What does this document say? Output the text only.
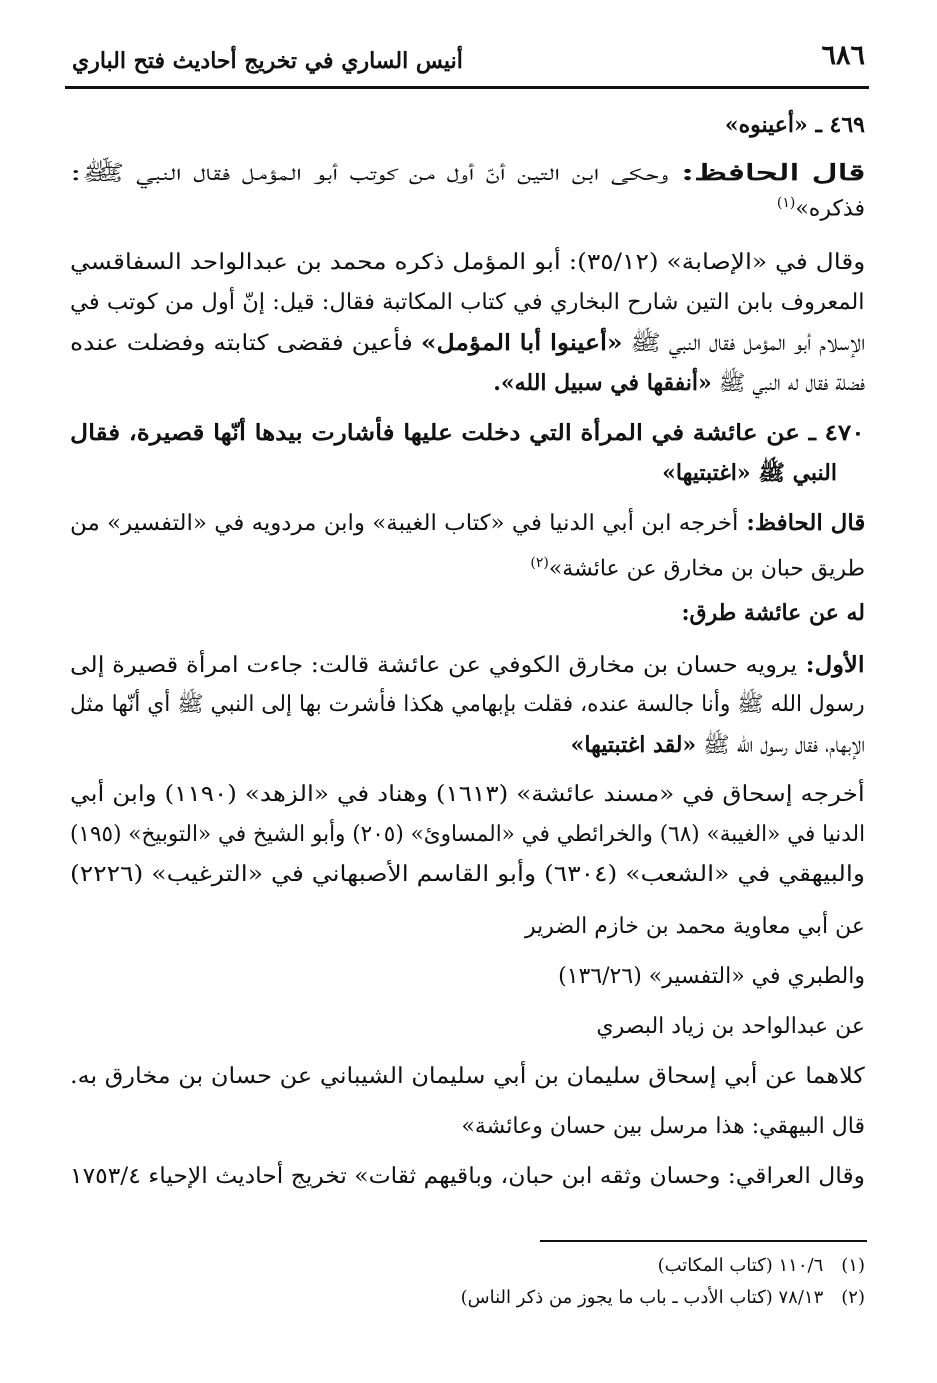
٦٨٦
أنيس الساري في تخريج أحاديث فتح الباري
٤٦٩ ـ «أعينوه»
قال الحافظ: وحكى ابن التين أنّ أول من كوتب أبو المؤمل فقال النبي ﷺ:
فذكره»$^{(١)}$
وقال في «الإصابة» (٣٥/١٢): أبو المؤمل ذكره محمد بن عبدالواحد السفاقسي
المعروف بابن التين شارح البخاري في كتاب المكاتبة فقال: قيل: إنّ أول من كوتب في
الإسلام أبو المؤمل فقال النبي ﷺ «أعينوا أبا المؤمل» فأعين فقضى كتابته وفضلت عنده
فضلة فقال له النبي ﷺ «أنفقها في سبيل الله».
٤٧٠ ـ عن عائشة في المرأة التي دخلت عليها فأشارت بيدها أنّها قصيرة، فقال
النبي ﷺ «اغتبتيها»
قال الحافظ: أخرجه ابن أبي الدنيا في «كتاب الغيبة» وابن مردويه في «التفسير» من
طريق حبان بن مخارق عن عائشة»$^{(٢)}$
له عن عائشة طرق:
الأول: يرويه حسان بن مخارق الكوفي عن عائشة قالت: جاءت امرأة قصيرة إلى
رسول الله ﷺ وأنا جالسة عنده، فقلت بإبهامي هكذا فأشرت بها إلى النبي ﷺ أي أنّها مثل
الإبهام، فقال رسول الله ﷺ «لقد اغتبتيها»
أخرجه إسحاق في «مسند عائشة» (١٦١٣) وهناد في «الزهد» (١١٩٠) وابن أبي
الدنيا في «الغيبة» (٦٨) والخرائطي في «المساوئ» (٢٠٥) وأبو الشيخ في «التوبيخ» (١٩٥)
والبيهقي في «الشعب» (٦٣٠٤) وأبو القاسم الأصبهاني في «الترغيب» (٢٢٢٦)
عن أبي معاوية محمد بن خازم الضرير
والطبري في «التفسير» (١٣٦/٢٦)
عن عبدالواحد بن زياد البصري
كلاهما عن أبي إسحاق سليمان بن أبي سليمان الشيباني عن حسان بن مخارق به.
قال البيهقي: هذا مرسل بين حسان وعائشة»
وقال العراقي: وحسان وثقه ابن حبان، وباقيهم ثقات» تخريج أحاديث الإحياء ١٧٥٣/٤
(١)١١٠/٦ (كتاب المكاتب)
(٢)٧٨/١٣ (كتاب الأدب ـ باب ما يجوز من ذكر الناس)
